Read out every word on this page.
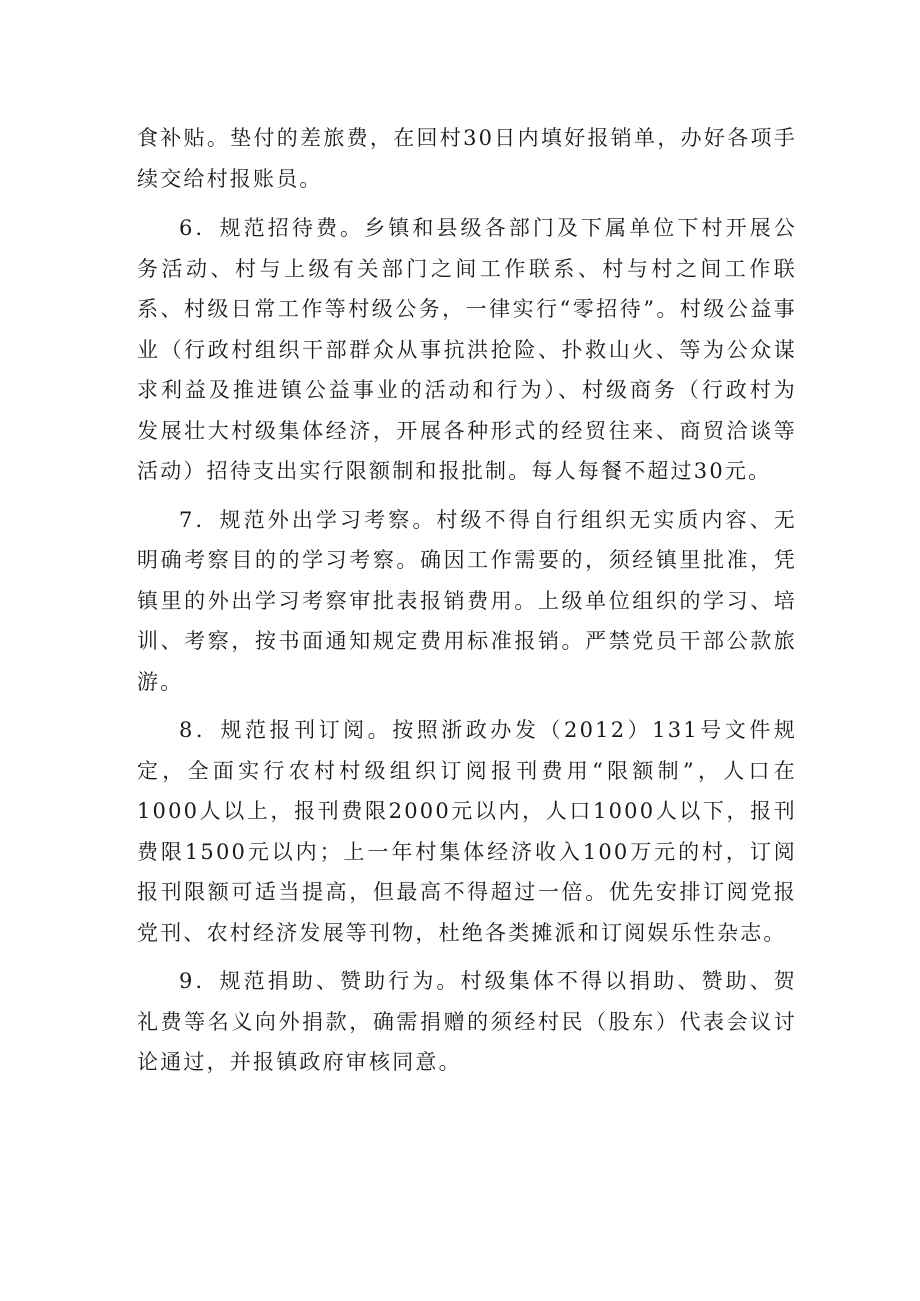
食补贴。垫付的差旅费，在回村30日内填好报销单，办好各项手续交给村报账员。

6．规范招待费。乡镇和县级各部门及下属单位下村开展公务活动、村与上级有关部门之间工作联系、村与村之间工作联系、村级日常工作等村级公务，一律实行“零招待”。村级公益事业（行政村组织干部群众从事抗洪抢险、扑救山火、等为公众谋求利益及推进镇公益事业的活动和行为）、村级商务（行政村为发展壮大村级集体经济，开展各种形式的经贸往来、商贸洽谈等活动）招待支出实行限额制和报批制。每人每餐不超过30元。

7．规范外出学习考察。村级不得自行组织无实质内容、无明确考察目的的学习考察。确因工作需要的，须经镇里批准，凭镇里的外出学习考察审批表报销费用。上级单位组织的学习、培训、考察，按书面通知规定费用标准报销。严禁党员干部公款旅游。

8．规范报刊订阅。按照浙政办发（2012）131号文件规定，全面实行农村村级组织订阅报刊费用“限额制”，人口在1000人以上，报刊费限2000元以内，人口1000人以下，报刊费限1500元以内；上一年村集体经济收入100万元的村，订阅报刊限额可适当提高，但最高不得超过一倍。优先安排订阅党报党刊、农村经济发展等刊物，杜绝各类摊派和订阅娱乐性杂志。

9．规范捐助、赞助行为。村级集体不得以捐助、赞助、贺礼费等名义向外捐款，确需捐赠的须经村民（股东）代表会议讨论通过，并报镇政府审核同意。
